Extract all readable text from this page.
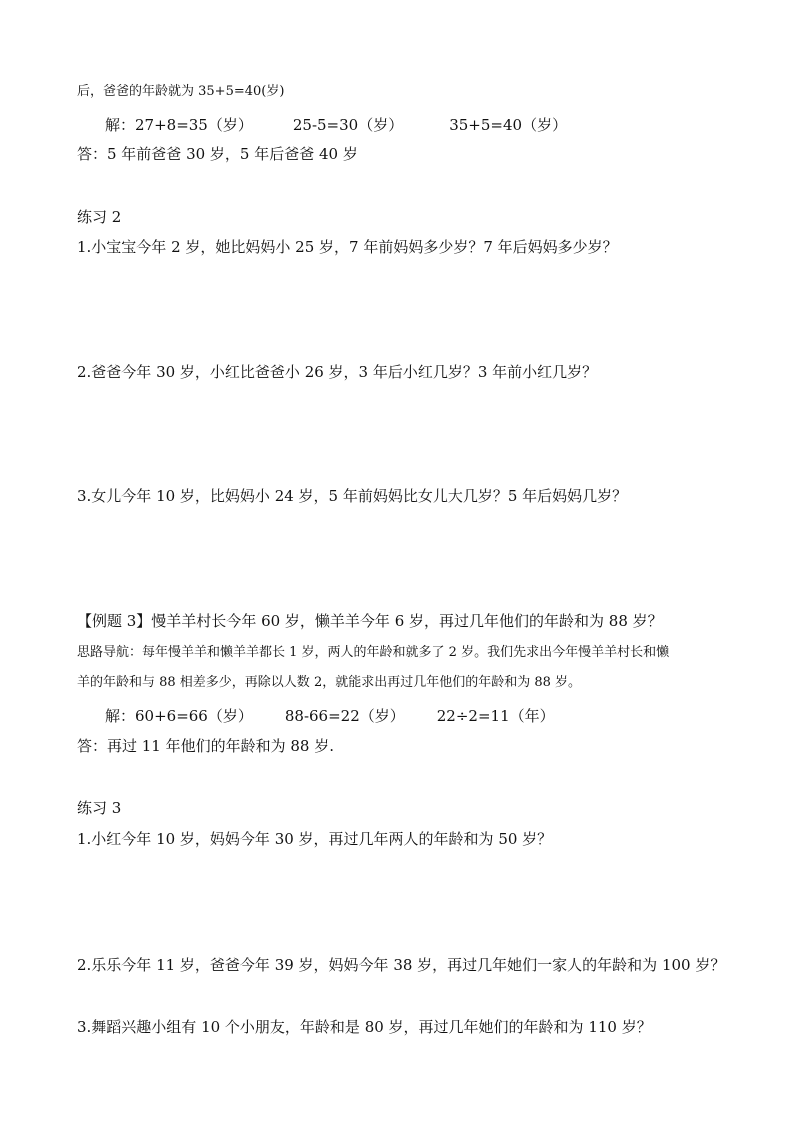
后，爸爸的年龄就为 35+5=40(岁)
解：27+8=35（岁）	25-5=30（岁）	35+5=40（岁）
答：5 年前爸爸 30 岁，5 年后爸爸 40 岁
练习 2
1.小宝宝今年 2 岁，她比妈妈小 25 岁，7 年前妈妈多少岁？7 年后妈妈多少岁？
2.爸爸今年 30 岁，小红比爸爸小 26 岁，3 年后小红几岁？3 年前小红几岁？
3.女儿今年 10 岁，比妈妈小 24 岁，5 年前妈妈比女儿大几岁？5 年后妈妈几岁？
【例题 3】慢羊羊村长今年 60 岁，懒羊羊今年 6 岁，再过几年他们的年龄和为 88 岁？
思路导航：每年慢羊羊和懒羊羊都长 1 岁，两人的年龄和就多了 2 岁。我们先求出今年慢羊羊村长和懒
羊的年龄和与 88 相差多少，再除以人数 2，就能求出再过几年他们的年龄和为 88 岁。
解：60+6=66（岁） 88-66=22（岁） 22÷2=11（年）
答：再过 11 年他们的年龄和为 88 岁.
练习 3
1.小红今年 10 岁，妈妈今年 30 岁，再过几年两人的年龄和为 50 岁？
2.乐乐今年 11 岁，爸爸今年 39 岁，妈妈今年 38 岁，再过几年她们一家人的年龄和为 100 岁？
3.舞蹈兴趣小组有 10 个小朋友，年龄和是 80 岁，再过几年她们的年龄和为 110 岁？
